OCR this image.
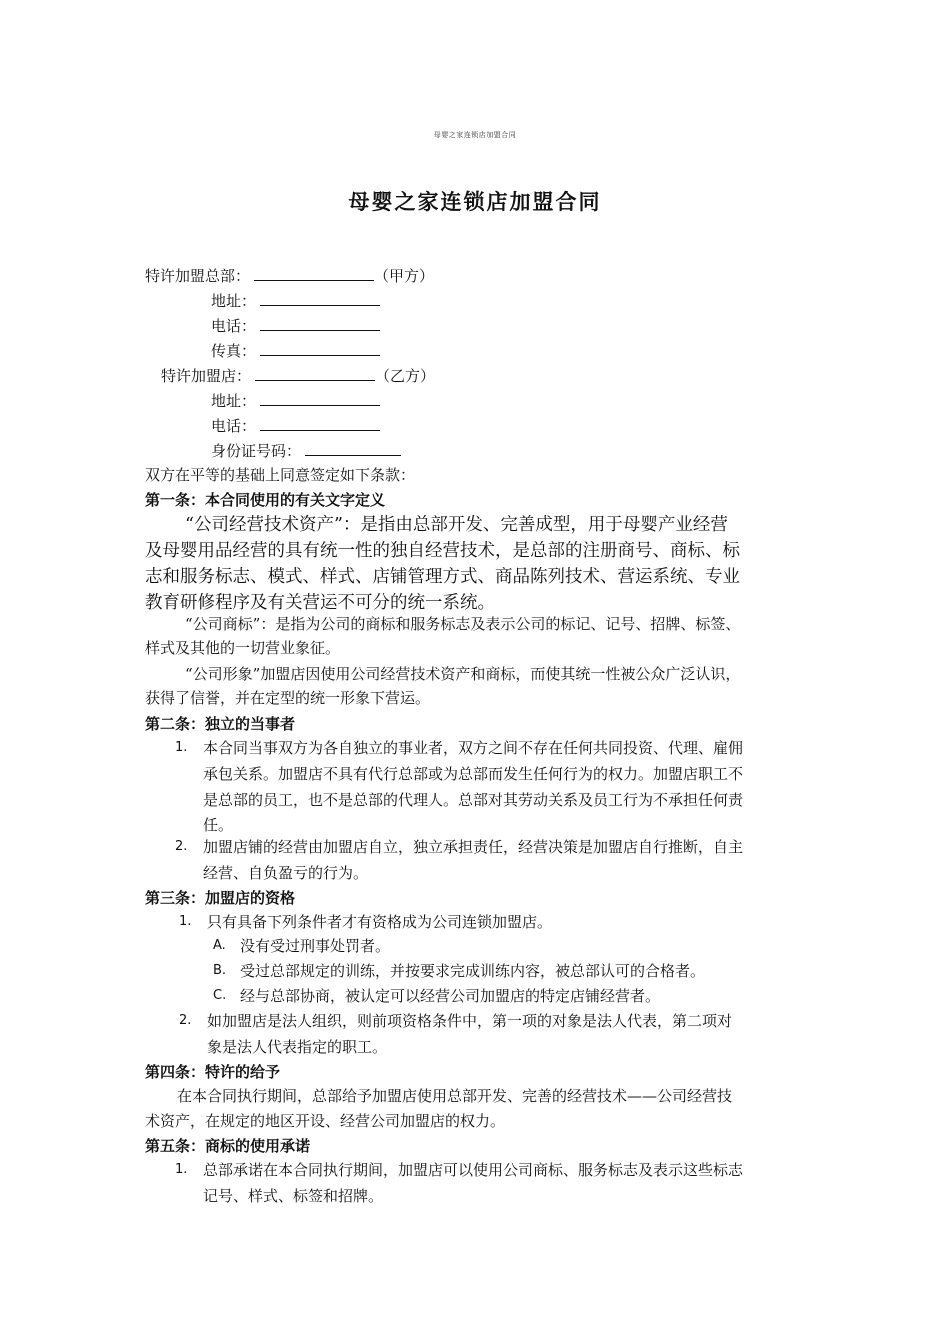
母婴之家连锁店加盟合同
母婴之家连锁店加盟合同
特许加盟总部：	（甲方）
地址：
电话：
传真：
特许加盟店：	（乙方）
地址：
电话：
身份证号码：
双方在平等的基础上同意签定如下条款：
第一条：本合同使用的有关文字定义
“公司经营技术资产”：是指由总部开发、完善成型，用于母婴产业经营
及母婴用品经营的具有统一性的独自经营技术，是总部的注册商号、商标、标
志和服务标志、模式、样式、店铺管理方式、商品陈列技术、营运系统、专业
教育研修程序及有关营运不可分的统一系统。
“公司商标”：是指为公司的商标和服务标志及表示公司的标记、记号、招牌、标签、
样式及其他的一切营业象征。
“公司形象”加盟店因使用公司经营技术资产和商标，而使其统一性被公众广泛认识，
获得了信誉，并在定型的统一形象下营运。
第二条：独立的当事者
1. 本合同当事双方为各自独立的事业者，双方之间不存在任何共同投资、代理、雇佣
承包关系。加盟店不具有代行总部或为总部而发生任何行为的权力。加盟店职工不
是总部的员工，也不是总部的代理人。总部对其劳动关系及员工行为不承担任何责
任。
2. 加盟店铺的经营由加盟店自立，独立承担责任，经营决策是加盟店自行推断，自主
经营、自负盈亏的行为。
第三条：加盟店的资格
1. 只有具备下列条件者才有资格成为公司连锁加盟店。
A. 没有受过刑事处罚者。
B. 受过总部规定的训练，并按要求完成训练内容，被总部认可的合格者。
C. 经与总部协商，被认定可以经营公司加盟店的特定店铺经营者。
2. 如加盟店是法人组织，则前项资格条件中，第一项的对象是法人代表，第二项对
象是法人代表指定的职工。
第四条：特许的给予
在本合同执行期间，总部给予加盟店使用总部开发、完善的经营技术——公司经营技
术资产，在规定的地区开设、经营公司加盟店的权力。
第五条：商标的使用承诺
1. 总部承诺在本合同执行期间，加盟店可以使用公司商标、服务标志及表示这些标志
记号、样式、标签和招牌。
